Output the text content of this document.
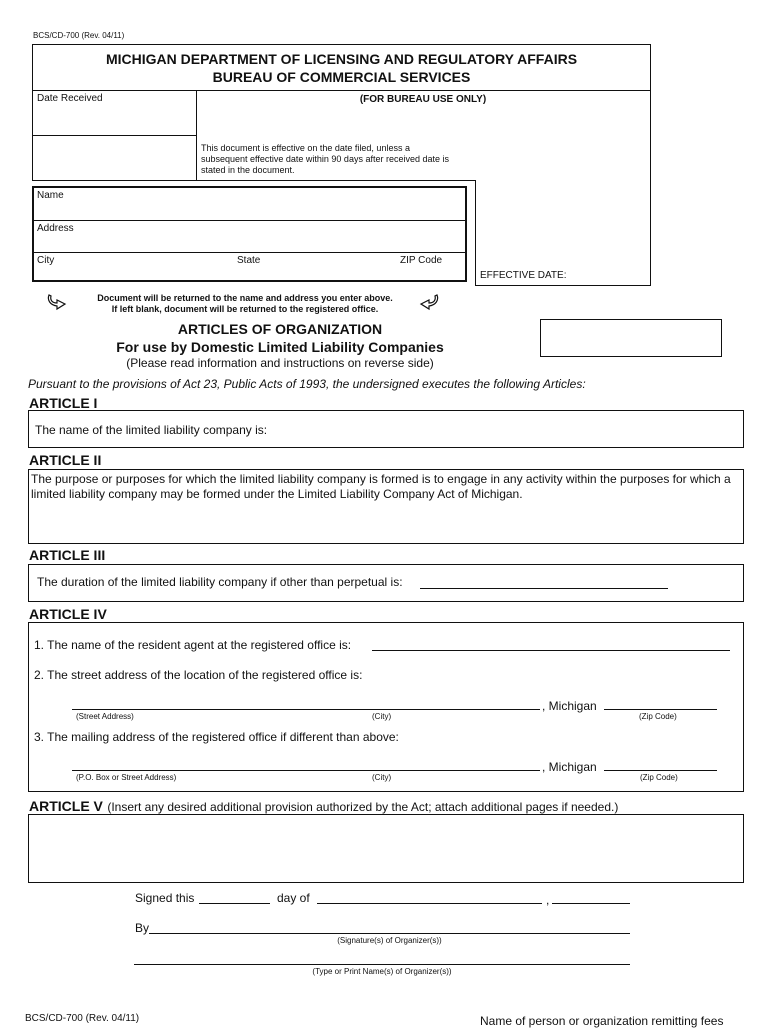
BCS/CD-700 (Rev. 04/11)
MICHIGAN DEPARTMENT OF LICENSING AND REGULATORY AFFAIRS
BUREAU OF COMMERCIAL SERVICES
Date Received	(FOR BUREAU USE ONLY)
This document is effective on the date filed, unless a subsequent effective date within 90 days after received date is stated in the document.
EFFECTIVE DATE:
Name
Address
City	State	ZIP Code
Document will be returned to the name and address you enter above.
If left blank, document will be returned to the registered office.
ARTICLES OF ORGANIZATION
For use by Domestic Limited Liability Companies
(Please read information and instructions on reverse side)
Pursuant to the provisions of Act 23, Public Acts of 1993, the undersigned executes the following Articles:
ARTICLE I
The name of the limited liability company is:
ARTICLE II
The purpose or purposes for which the limited liability company is formed is to engage in any activity within the purposes for which a limited liability company may be formed under the Limited Liability Company Act of Michigan.
ARTICLE III
The duration of the limited liability company if other than perpetual is:
ARTICLE IV
1. The name of the resident agent at the registered office is:
2. The street address of the location of the registered office is:
, Michigan
(Street Address)	(City)	(Zip Code)
3. The mailing address of the registered office if different than above:
, Michigan
(P.O. Box or Street Address)	(City)	(Zip Code)
ARTICLE V (Insert any desired additional provision authorized by the Act; attach additional pages if needed.)
Signed this	day of	,
By
(Signature(s) of Organizer(s))
(Type or Print Name(s) of Organizer(s))
BCS/CD-700 (Rev. 04/11)	Name of person or organization remitting fees
